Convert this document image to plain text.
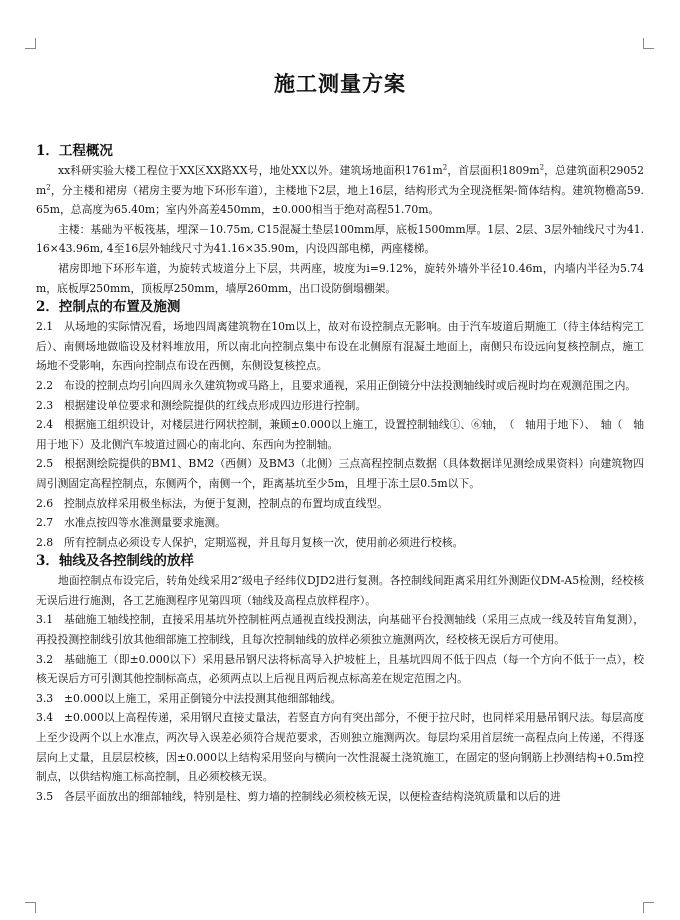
施工测量方案
1．工程概况

xx科研实验大楼工程位于XX区XX路XX号，地处XX以外。建筑场地面积$1761m^2$，首层面积$1809m^2$，总建筑面积$29052m^2$，分主楼和裙房（裙房主要为地下环形车道），主楼地下2层，地上16层，结构形式为全现浇框架-简体结构。建筑物檐高59.65m，总高度为65.40m；室内外高差450mm，±0.000相当于绝对高程51.70m。

主楼：基础为平板筏基，埋深－10.75m, C15混凝土垫层100mm厚，底板1500mm厚。1层、2层、3层外轴线尺寸为41.16×43.96m, 4至16层外轴线尺寸为41.16×35.90m，内设四部电梯，两座楼梯。

裙房即地下环形车道，为旋转式坡道分上下层，共两座，坡度为i=9.12%，旋转外墙外半径10.46m，内墙内半径为5.74m，底板厚250mm，顶板厚250mm，墙厚260mm，出口设防倒塌棚架。

2．控制点的布置及施测

2.1　从场地的实际情况看，场地四周离建筑物在10m以上，故对布设控制点无影响。由于汽车坡道后期施工（待主体结构完工后）、南侧场地做临设及材料堆放用，所以南北向控制点集中布设在北侧原有混凝土地面上，南侧只布设远向复核控制点，施工场地不受影响，东西向控制点布设在西侧，东侧设复核控点。

2.2　布设的控制点均引向四周永久建筑物或马路上，且要求通视，采用正倒镜分中法投测轴线时或后视时均在观测范围之内。

2.3　根据建设单位要求和测绘院提供的红线点形成四边形进行控制。

2.4　根据施工组织设计，对楼层进行网状控制，兼顾±0.000以上施工，设置控制轴线①、⑥轴，　（　轴用于地下）、　轴（　轴用于地下）及北侧汽车坡道过圆心的南北向、东西向为控制轴。

2.5　根据测绘院提供的BM1、BM2（西侧）及BM3（北侧）三点高程控制点数据（具体数据详见测绘成果资料）向建筑物四周引测固定高程控制点，东侧两个，南侧一个，距离基坑至少5m，且埋于冻土层0.5m以下。

2.6　控制点放样采用极坐标法，为便于复测，控制点的布置均成直线型。

2.7　水准点按四等水准测量要求施测。

2.8　所有控制点必须设专人保护，定期巡视，并且每月复核一次，使用前必须进行校核。

3．轴线及各控制线的放样

地面控制点布设完后，转角处线采用2″级电子经纬仪DJD2进行复测。各控制线间距离采用红外测距仪DM-A5检测，经校核无误后进行施测，各工艺施测程序见第四项（轴线及高程点放样程序）。

3.1　基础施工轴线控制，直接采用基坑外控制桩两点通视直线投测法，向基础平台投测轴线（采用三点成一线及转盲角复测），再投投测控制线引放其他细部施工控制线，且每次控制轴线的放样必须独立施测两次，经校核无误后方可使用。

3.2　基础施工（即±0.000以下）采用悬吊钢尺法将标高导入护坡桩上，且基坑四周不低于四点（每一个方向不低于一点），校核无误后方可引测其他控制标高点，必须两点以上后视且两后视点标高差在规定范围之内。

3.3　±0.000以上施工，采用正倒镜分中法投测其他细部轴线。

3.4　±0.000以上高程传递，采用钢尺直接丈量法，若竖直方向有突出部分，不便于拉尺时，也同样采用悬吊钢尺法。每层高度上至少设两个以上水准点，两次导入误差必须符合规范要求，否则独立施测两次。每层均采用首层统一高程点向上传递，不得逐层向上丈量，且层层校核，因±0.000以上结构采用竖向与横向一次性混凝土浇筑施工，在固定的竖向钢筋上抄测结构+0.5m控制点，以供结构施工标高控制，且必须校核无误。

3.5　各层平面放出的细部轴线，特别是柱、剪力墙的控制线必须校核无误，以便检查结构浇筑质量和以后的进
